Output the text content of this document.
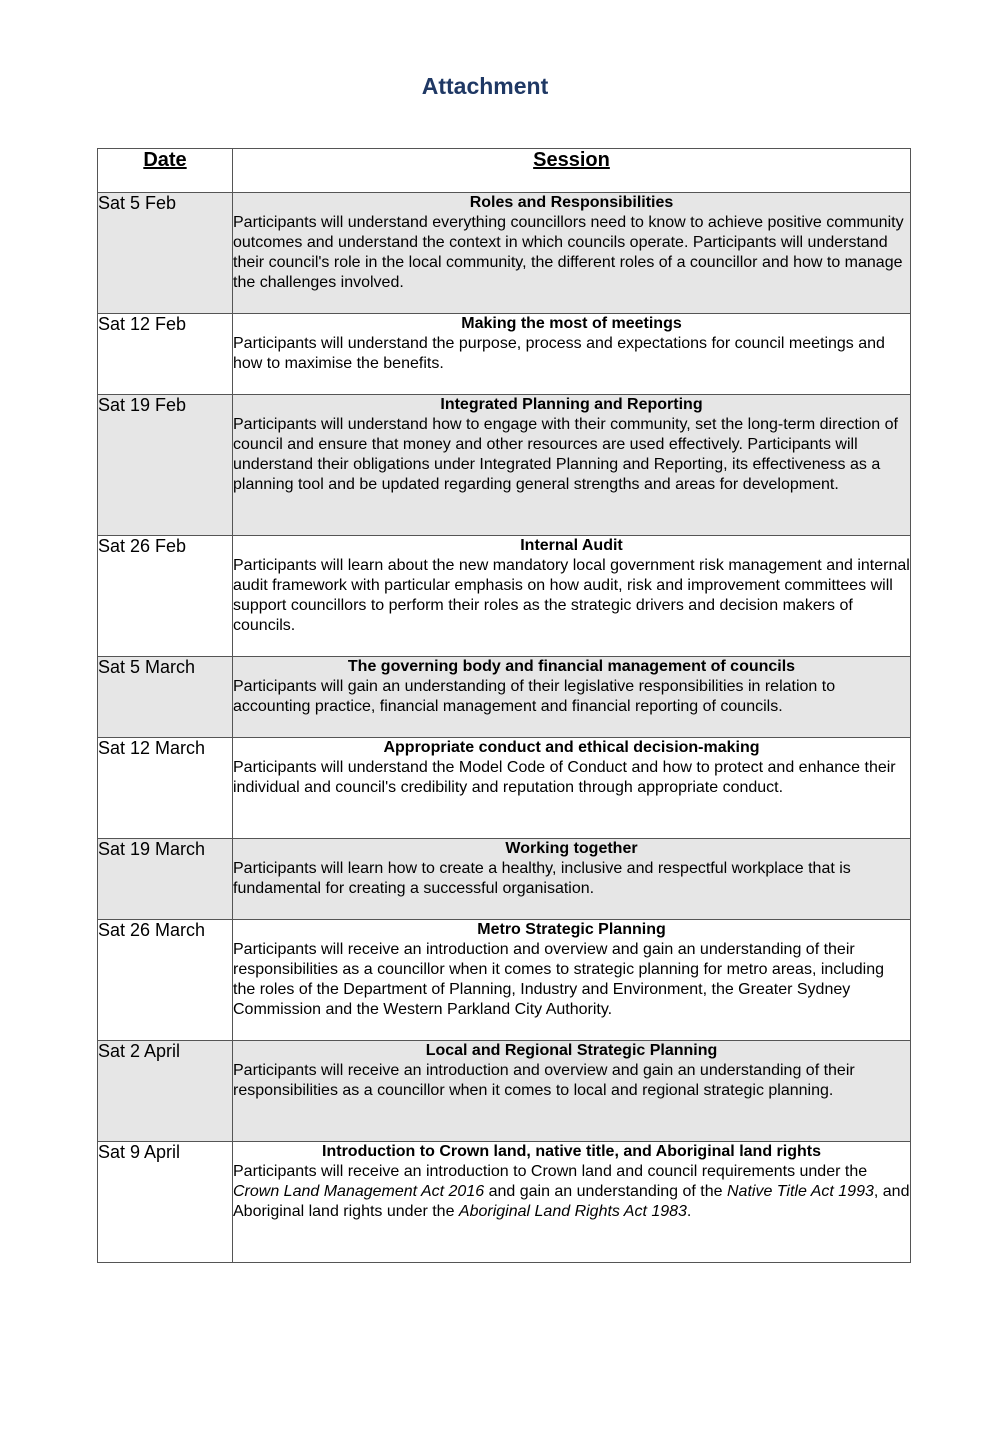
Attachment
Date	Session
Sat 5 Feb	Roles and Responsibilities
Participants will understand everything councillors need to know to achieve positive community outcomes and understand the context in which councils operate. Participants will understand their council's role in the local community, the different roles of a councillor and how to manage the challenges involved.

Sat 12 Feb	Making the most of meetings
Participants will understand the purpose, process and expectations for council meetings and how to maximise the benefits.

Sat 19 Feb	Integrated Planning and Reporting
Participants will understand how to engage with their community, set the long-term direction of council and ensure that money and other resources are used effectively. Participants will understand their obligations under Integrated Planning and Reporting, its effectiveness as a planning tool and be updated regarding general strengths and areas for development.

Sat 26 Feb	Internal Audit
Participants will learn about the new mandatory local government risk management and internal audit framework with particular emphasis on how audit, risk and improvement committees will support councillors to perform their roles as the strategic drivers and decision makers of councils.

Sat 5 March	The governing body and financial management of councils
Participants will gain an understanding of their legislative responsibilities in relation to accounting practice, financial management and financial reporting of councils.

Sat 12 March	Appropriate conduct and ethical decision-making
Participants will understand the Model Code of Conduct and how to protect and enhance their individual and council's credibility and reputation through appropriate conduct.

Sat 19 March	Working together
Participants will learn how to create a healthy, inclusive and respectful workplace that is fundamental for creating a successful organisation.

Sat 26 March	Metro Strategic Planning
Participants will receive an introduction and overview and gain an understanding of their responsibilities as a councillor when it comes to strategic planning for metro areas, including the roles of the Department of Planning, Industry and Environment, the Greater Sydney Commission and the Western Parkland City Authority.

Sat 2 April	Local and Regional Strategic Planning
Participants will receive an introduction and overview and gain an understanding of their responsibilities as a councillor when it comes to local and regional strategic planning.

Sat 9 April	Introduction to Crown land, native title, and Aboriginal land rights
Participants will receive an introduction to Crown land and council requirements under the Crown Land Management Act 2016 and gain an understanding of the Native Title Act 1993, and Aboriginal land rights under the Aboriginal Land Rights Act 1983.
